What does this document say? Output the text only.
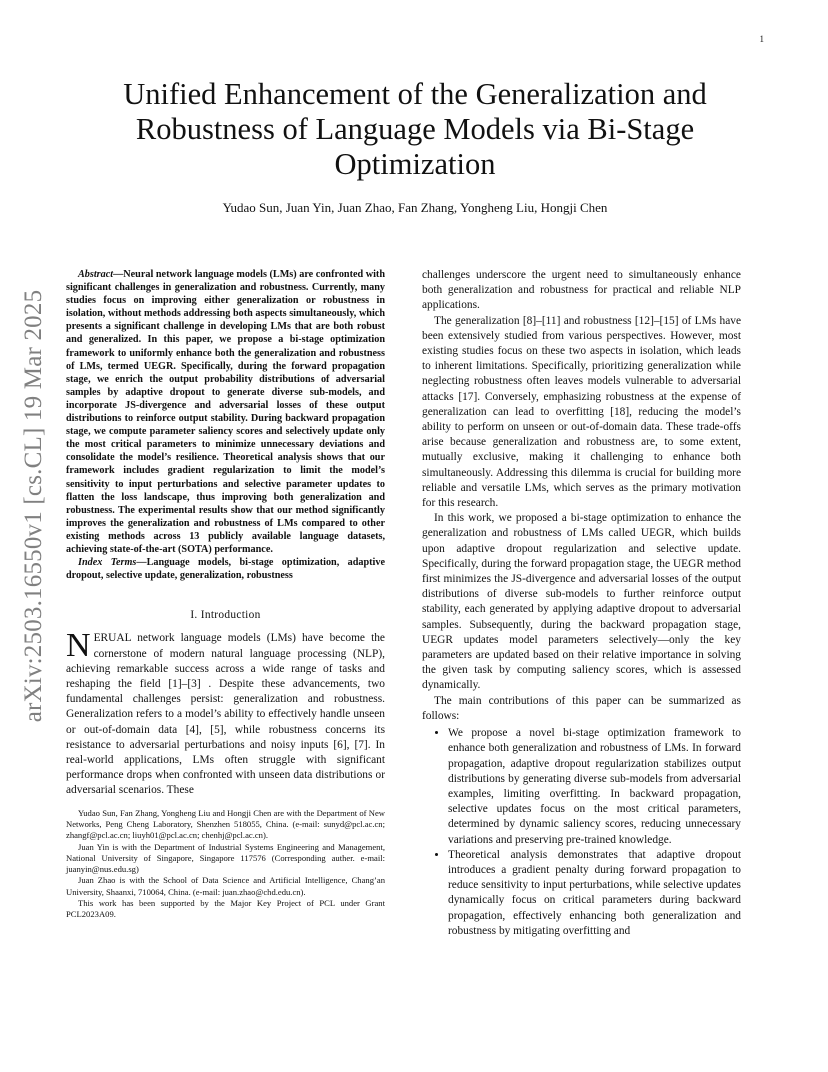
1
arXiv:2503.16550v1 [cs.CL] 19 Mar 2025
Unified Enhancement of the Generalization and Robustness of Language Models via Bi-Stage Optimization
Yudao Sun, Juan Yin, Juan Zhao, Fan Zhang, Yongheng Liu, Hongji Chen

Abstract—Neural network language models (LMs) are confronted with significant challenges in generalization and robustness. Currently, many studies focus on improving either generalization or robustness in isolation, without methods addressing both aspects simultaneously, which presents a significant challenge in developing LMs that are both robust and generalized. In this paper, we propose a bi-stage optimization framework to uniformly enhance both the generalization and robustness of LMs, termed UEGR. Specifically, during the forward propagation stage, we enrich the output probability distributions of adversarial samples by adaptive dropout to generate diverse sub-models, and incorporate JS-divergence and adversarial losses of these output distributions to reinforce output stability. During backward propagation stage, we compute parameter saliency scores and selectively update only the most critical parameters to minimize unnecessary deviations and consolidate the model’s resilience. Theoretical analysis shows that our framework includes gradient regularization to limit the model’s sensitivity to input perturbations and selective parameter updates to flatten the loss landscape, thus improving both generalization and robustness. The experimental results show that our method significantly improves the generalization and robustness of LMs compared to other existing methods across 13 publicly available language datasets, achieving state-of-the-art (SOTA) performance.

Index Terms—Language models, bi-stage optimization, adaptive dropout, selective update, generalization, robustness

I. Introduction

NERUAL network language models (LMs) have become the cornerstone of modern natural language processing (NLP), achieving remarkable success across a wide range of tasks and reshaping the field [1]–[3] . Despite these advancements, two fundamental challenges persist: generalization and robustness. Generalization refers to a model’s ability to effectively handle unseen or out-of-domain data [4], [5], while robustness concerns its resistance to adversarial perturbations and noisy inputs [6], [7]. In real-world applications, LMs often struggle with significant performance drops when confronted with unseen data distributions or adversarial scenarios. These

Yudao Sun, Fan Zhang, Yongheng Liu and Hongji Chen are with the Department of New Networks, Peng Cheng Laboratory, Shenzhen 518055, China. (e-mail: sunyd@pcl.ac.cn; zhangf@pcl.ac.cn; liuyh01@pcl.ac.cn; chenhj@pcl.ac.cn).

Juan Yin is with the Department of Industrial Systems Engineering and Management, National University of Singapore, Singapore 117576 (Corresponding auther. e-mail: juanyin@nus.edu.sg)

Juan Zhao is with the School of Data Science and Artificial Intelligence, Chang’an University, Shaanxi, 710064, China. (e-mail: juan.zhao@chd.edu.cn).

This work has been supported by the Major Key Project of PCL under Grant PCL2023A09.

challenges underscore the urgent need to simultaneously enhance both generalization and robustness for practical and reliable NLP applications.

The generalization [8]–[11] and robustness [12]–[15] of LMs have been extensively studied from various perspectives. However, most existing studies focus on these two aspects in isolation, which leads to inherent limitations. Specifically, prioritizing generalization while neglecting robustness often leaves models vulnerable to adversarial attacks [17]. Conversely, emphasizing robustness at the expense of generalization can lead to overfitting [18], reducing the model’s ability to perform on unseen or out-of-domain data. These trade-offs arise because generalization and robustness are, to some extent, mutually exclusive, making it challenging to enhance both simultaneously. Addressing this dilemma is crucial for building more reliable and versatile LMs, which serves as the primary motivation for this research.

In this work, we proposed a bi-stage optimization to enhance the generalization and robustness of LMs called UEGR, which builds upon adaptive dropout regularization and selective update. Specifically, during the forward propagation stage, the UEGR method first minimizes the JS-divergence and adversarial losses of the output distributions of diverse sub-models to further reinforce output stability, each generated by applying adaptive dropout to adversarial samples. Subsequently, during the backward propagation stage, UEGR updates model parameters selectively—only the key parameters are updated based on their relative importance in solving the given task by computing saliency scores, which is assessed dynamically.

The main contributions of this paper can be summarized as follows:

• We propose a novel bi-stage optimization framework to enhance both generalization and robustness of LMs. In forward propagation, adaptive dropout regularization stabilizes output distributions by generating diverse sub-models from adversarial examples, limiting overfitting. In backward propagation, selective updates focus on the most critical parameters, determined by dynamic saliency scores, reducing unnecessary variations and preserving pre-trained knowledge.
• Theoretical analysis demonstrates that adaptive dropout introduces a gradient penalty during forward propagation to reduce sensitivity to input perturbations, while selective updates dynamically focus on critical parameters during backward propagation, effectively enhancing both generalization and robustness by mitigating overfitting and
